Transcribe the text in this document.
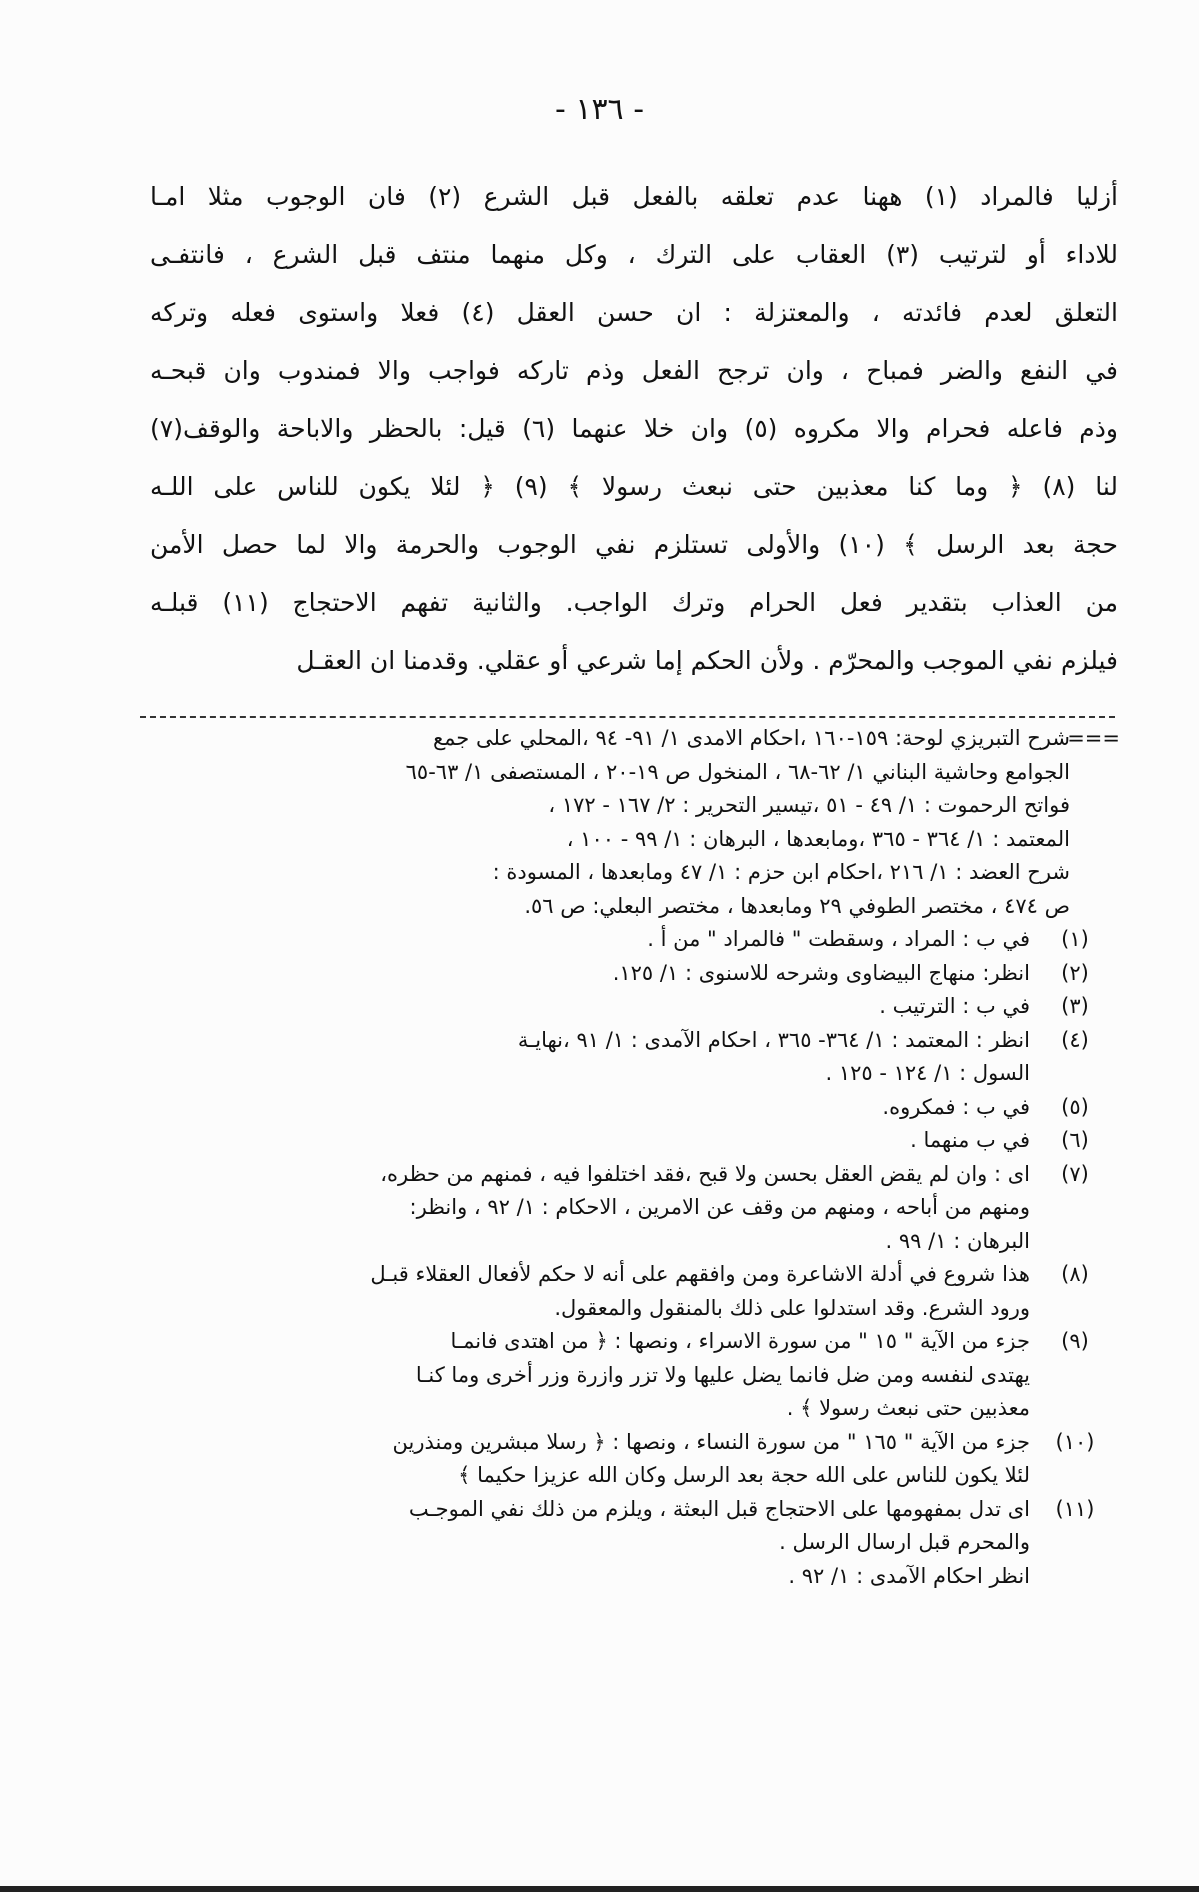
- ١٣٦ -
أزليا فالمراد (١) ههنا عدم تعلقه بالفعل قبل الشرع (٢) فان الوجوب مثلا امـا
للاداء أو لترتيب (٣) العقاب على الترك ، وكل منهما منتف قبل الشرع ، فانتفـى
التعلق لعدم فائدته ، والمعتزلة : ان حسن العقل (٤) فعلا واستوى فعله وتركه
في النفع والضر فمباح ، وان ترجح الفعل وذم تاركه فواجب والا فمندوب وان قبحـه
وذم فاعله فحرام والا مكروه (٥) وان خلا عنهما (٦) قيل: بالحظر والاباحة والوقف(٧)
لنا (٨) ﴿ وما كنا معذبين حتى نبعث رسولا ﴾ (٩) ﴿ لئلا يكون للناس على اللـه
حجة بعد الرسل ﴾ (١٠) والأولى تستلزم نفي الوجوب والحرمة والا لما حصل الأمن
من العذاب بتقدير فعل الحرام وترك الواجب. والثانية تفهم الاحتجاج (١١) قبلـه
فيلزم نفي الموجب والمحرّم . ولأن الحكم إما شرعي أو عقلي. وقدمنا ان العقـل
===
شرح التبريزي لوحة: ١٥٩-١٦٠ ،احكام الامدى ١/ ٩١- ٩٤ ،المحلي على جمع
الجوامع وحاشية البناني ١/ ٦٢-٦٨ ، المنخول ص ١٩-٢٠ ، المستصفى ١/ ٦٣-٦٥
فواتح الرحموت : ١/ ٤٩ - ٥١ ،تيسير التحرير : ٢/ ١٦٧ - ١٧٢ ،
المعتمد : ١/ ٣٦٤ - ٣٦٥ ،ومابعدها ، البرهان : ١/ ٩٩ - ١٠٠ ،
شرح العضد : ١/ ٢١٦ ،احكام ابن حزم : ١/ ٤٧ ومابعدها ، المسودة :
ص ٤٧٤ ، مختصر الطوفي ٢٩ ومابعدها ، مختصر البعلي: ص ٥٦.
(١)
في ب : المراد ، وسقطت " فالمراد " من أ .
(٢)
انظر: منهاج البيضاوى وشرحه للاسنوى : ١/ ١٢٥.
(٣)
في ب : الترتيب .
(٤)
انظر : المعتمد : ١/ ٣٦٤- ٣٦٥ ، احكام الآمدى : ١/ ٩١ ،نهايـة
السول : ١/ ١٢٤ - ١٢٥ .
(٥)
في ب : فمكروه.
(٦)
في ب منهما .
(٧)
اى : وان لم يقض العقل بحسن ولا قبح ،فقد اختلفوا فيه ، فمنهم من حظره،
ومنهم من أباحه ، ومنهم من وقف عن الامرين ، الاحكام : ١/ ٩٢ ، وانظر:
البرهان : ١/ ٩٩ .
(٨)
هذا شروع في أدلة الاشاعرة ومن وافقهم على أنه لا حكم لأفعال العقلاء قبـل
ورود الشرع. وقد استدلوا على ذلك بالمنقول والمعقول.
(٩)
جزء من الآية " ١٥ " من سورة الاسراء ، ونصها : ﴿ من اهتدى فانمـا
يهتدى لنفسه ومن ضل فانما يضل عليها ولا تزر وازرة وزر أخرى وما كنـا
معذبين حتى نبعث رسولا ﴾ .
(١٠)
جزء من الآية " ١٦٥ " من سورة النساء ، ونصها : ﴿ رسلا مبشرين ومنذرين
لئلا يكون للناس على الله حجة بعد الرسل وكان الله عزيزا حكيما ﴾
(١١)
اى تدل بمفهومها على الاحتجاج قبل البعثة ، ويلزم من ذلك نفي الموجـب
والمحرم قبل ارسال الرسل .
انظر احكام الآمدى : ١/ ٩٢ .
